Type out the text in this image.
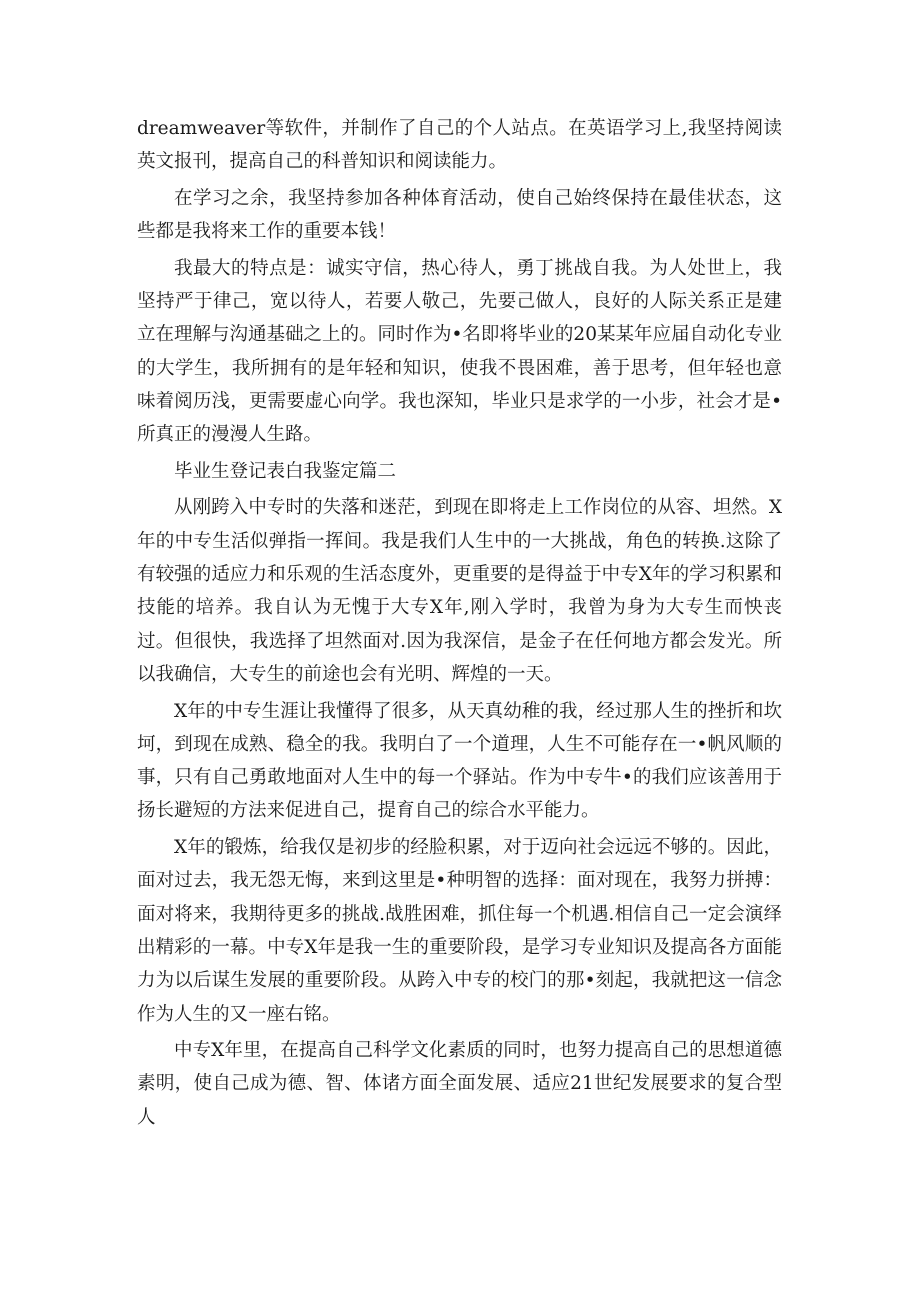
dreamweaver等软件，并制作了自己的个人站点。在英语学习上,我坚持阅读英文报刊，提高自己的科普知识和阅读能力。

在学习之余，我坚持参加各种体育活动，使自己始终保持在最佳状态，这些都是我将来工作的重要本钱！

我最大的特点是：诚实守信，热心待人，勇丁挑战自我。为人处世上，我坚持严于律己，宽以待人，若要人敬己，先要己做人，良好的人际关系正是建立在理解与沟通基础之上的。同时作为•名即将毕业的20某某年应届自动化专业的大学生，我所拥有的是年轻和知识，使我不畏困难，善于思考，但年轻也意味着阅历浅，更需要虚心向学。我也深知，毕业只是求学的一小步，社会才是•所真正的漫漫人生路。

毕业生登记表白我鉴定篇二

从刚跨入中专时的失落和迷茫，到现在即将走上工作岗位的从容、坦然。X年的中专生活似弹指一挥间。我是我们人生中的一大挑战，角色的转换.这除了有较强的适应力和乐观的生活态度外，更重要的是得益于中专X年的学习积累和技能的培养。我自认为无愧于大专X年,刚入学时，我曾为身为大专生而怏丧过。但很快，我选择了坦然面对.因为我深信，是金子在任何地方都会发光。所以我确信，大专生的前途也会有光明、辉煌的一天。

X年的中专生涯让我懂得了很多，从天真幼稚的我，经过那人生的挫折和坎坷，到现在成熟、稳全的我。我明白了一个道理，人生不可能存在一•帆风顺的事，只有自己勇敢地面对人生中的每一个驿站。作为中专牛•的我们应该善用于扬长避短的方法来促进自己，提育自己的综合水平能力。

X年的锻炼，给我仅是初步的经脸积累，对于迈向社会远远不够的。因此，面对过去，我无怨无悔，来到这里是•种明智的选择：面对现在，我努力拼搏：面对将来，我期待更多的挑战.战胜困难，抓住每一个机遇.相信自己一定会演绎出精彩的一幕。中专X年是我一生的重要阶段，是学习专业知识及提高各方面能力为以后谋生发展的重要阶段。从跨入中专的校门的那•刻起，我就把这一信念作为人生的又一座右铭。

中专X年里，在提高自己科学文化素质的同时，也努力提高自己的思想道德素明，使自己成为德、智、体诸方面全面发展、适应21世纪发展要求的复合型人
